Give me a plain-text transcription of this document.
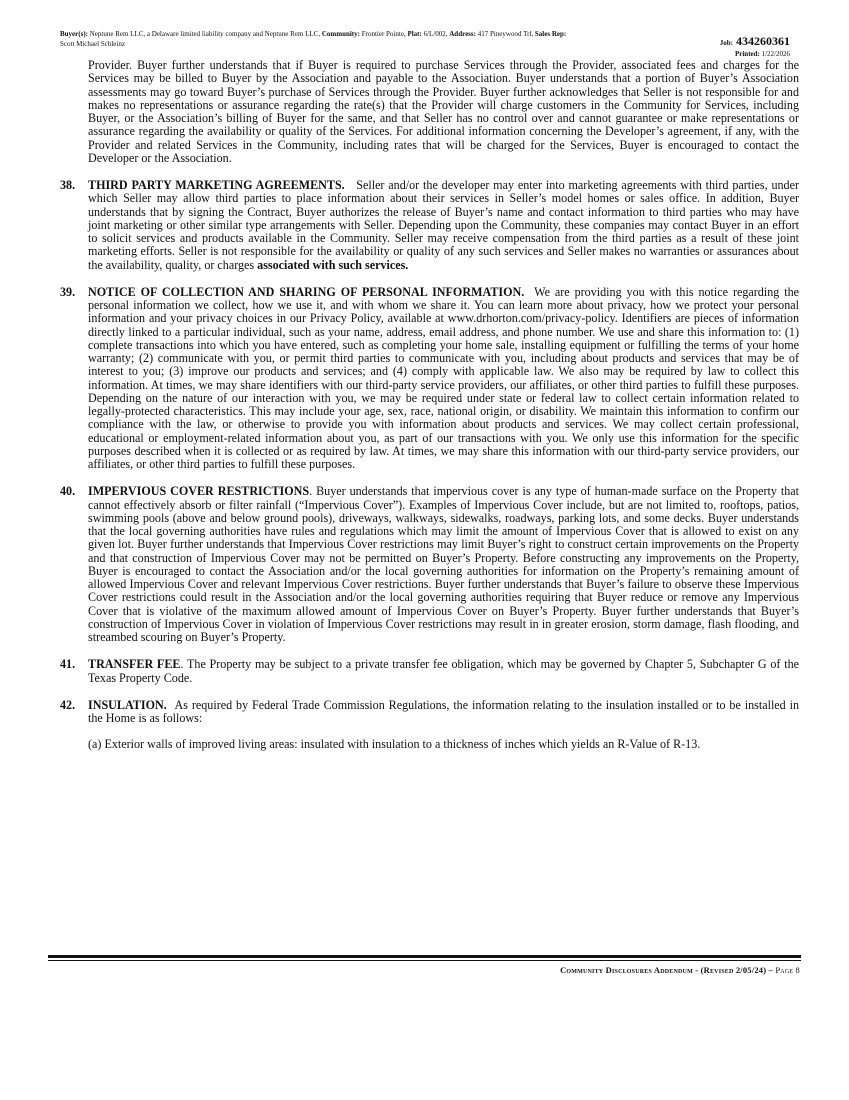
Buyer(s): Neptune Rem LLC, a Delaware limited liability company and Neptune Rem LLC, Community: Frontier Pointe, Plat: 6/L/002, Address: 417 Pineywood Trl, Sales Rep:
Scott Michael Schleinz	Job: 434260361
Printed: 1/22/2026

Provider. Buyer further understands that if Buyer is required to purchase Services through the Provider, associated fees and charges for the Services may be billed to Buyer by the Association and payable to the Association. Buyer understands that a portion of Buyer’s Association assessments may go toward Buyer’s purchase of Services through the Provider. Buyer further acknowledges that Seller is not responsible for and makes no representations or assurance regarding the rate(s) that the Provider will charge customers in the Community for Services, including Buyer, or the Association’s billing of Buyer for the same, and that Seller has no control over and cannot guarantee or make representations or assurance regarding the availability or quality of the Services. For additional information concerning the Developer’s agreement, if any, with the Provider and related Services in the Community, including rates that will be charged for the Services, Buyer is encouraged to contact the Developer or the Association.

38. THIRD PARTY MARKETING AGREEMENTS. Seller and/or the developer may enter into marketing agreements with third parties, under which Seller may allow third parties to place information about their services in Seller’s model homes or sales office. In addition, Buyer understands that by signing the Contract, Buyer authorizes the release of Buyer’s name and contact information to third parties who may have joint marketing or other similar type arrangements with Seller. Depending upon the Community, these companies may contact Buyer in an effort to solicit services and products available in the Community. Seller may receive compensation from the third parties as a result of these joint marketing efforts. Seller is not responsible for the availability or quality of any such services and Seller makes no warranties or assurances about the availability, quality, or charges associated with such services.
39. NOTICE OF COLLECTION AND SHARING OF PERSONAL INFORMATION. We are providing you with this notice regarding the personal information we collect, how we use it, and with whom we share it. You can learn more about privacy, how we protect your personal information and your privacy choices in our Privacy Policy, available at www.drhorton.com/privacy-policy. Identifiers are pieces of information directly linked to a particular individual, such as your name, address, email address, and phone number. We use and share this information to: (1) complete transactions into which you have entered, such as completing your home sale, installing equipment or fulfilling the terms of your home warranty; (2) communicate with you, or permit third parties to communicate with you, including about products and services that may be of interest to you; (3) improve our products and services; and (4) comply with applicable law. We also may be required by law to collect this information. At times, we may share identifiers with our third-party service providers, our affiliates, or other third parties to fulfill these purposes. Depending on the nature of our interaction with you, we may be required under state or federal law to collect certain information related to legally-protected characteristics. This may include your age, sex, race, national origin, or disability. We maintain this information to confirm our compliance with the law, or otherwise to provide you with information about products and services. We may collect certain professional, educational or employment-related information about you, as part of our transactions with you. We only use this information for the specific purposes described when it is collected or as required by law. At times, we may share this information with our third-party service providers, our affiliates, or other third parties to fulfill these purposes.
40. IMPERVIOUS COVER RESTRICTIONS. Buyer understands that impervious cover is any type of human-made surface on the Property that cannot effectively absorb or filter rainfall (“Impervious Cover”). Examples of Impervious Cover include, but are not limited to, rooftops, patios, swimming pools (above and below ground pools), driveways, walkways, sidewalks, roadways, parking lots, and some decks. Buyer understands that the local governing authorities have rules and regulations which may limit the amount of Impervious Cover that is allowed to exist on any given lot. Buyer further understands that Impervious Cover restrictions may limit Buyer’s right to construct certain improvements on the Property and that construction of Impervious Cover may not be permitted on Buyer’s Property. Before constructing any improvements on the Property, Buyer is encouraged to contact the Association and/or the local governing authorities for information on the Property’s remaining amount of allowed Impervious Cover and relevant Impervious Cover restrictions. Buyer further understands that Buyer’s failure to observe these Impervious Cover restrictions could result in the Association and/or the local governing authorities requiring that Buyer reduce or remove any Impervious Cover that is violative of the maximum allowed amount of Impervious Cover on Buyer’s Property. Buyer further understands that Buyer’s construction of Impervious Cover in violation of Impervious Cover restrictions may result in in greater erosion, storm damage, flash flooding, and streambed scouring on Buyer’s Property.
41. TRANSFER FEE. The Property may be subject to a private transfer fee obligation, which may be governed by Chapter 5, Subchapter G of the Texas Property Code.
42. INSULATION. As required by Federal Trade Commission Regulations, the information relating to the insulation installed or to be installed in the Home is as follows:

(a) Exterior walls of improved living areas: insulated with insulation to a thickness of inches which yields an R-Value of R-13.

Community Disclosures Addendum - (Revised 2/05/24) – Page 8
